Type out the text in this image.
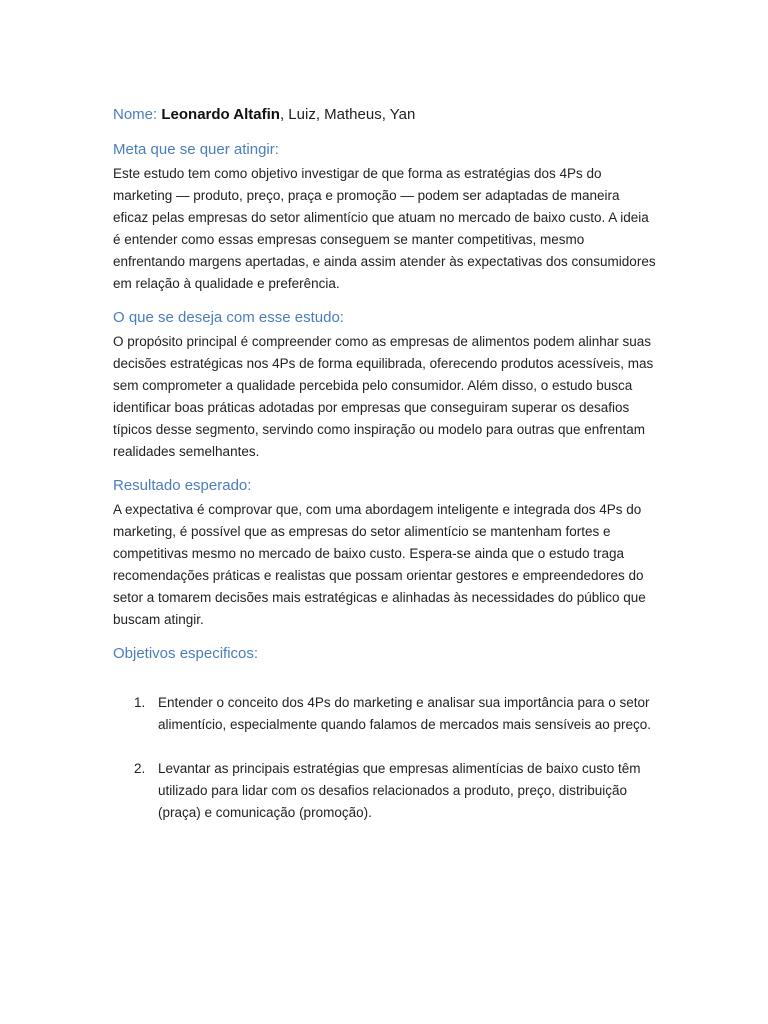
Nome: Leonardo Altafin, Luiz, Matheus, Yan

Meta que se quer atingir:

Este estudo tem como objetivo investigar de que forma as estratégias dos 4Ps do marketing — produto, preço, praça e promoção — podem ser adaptadas de maneira eficaz pelas empresas do setor alimentício que atuam no mercado de baixo custo. A ideia é entender como essas empresas conseguem se manter competitivas, mesmo enfrentando margens apertadas, e ainda assim atender às expectativas dos consumidores em relação à qualidade e preferência.

O que se deseja com esse estudo:

O propósito principal é compreender como as empresas de alimentos podem alinhar suas decisões estratégicas nos 4Ps de forma equilibrada, oferecendo produtos acessíveis, mas sem comprometer a qualidade percebida pelo consumidor. Além disso, o estudo busca identificar boas práticas adotadas por empresas que conseguiram superar os desafios típicos desse segmento, servindo como inspiração ou modelo para outras que enfrentam realidades semelhantes.

Resultado esperado:

A expectativa é comprovar que, com uma abordagem inteligente e integrada dos 4Ps do marketing, é possível que as empresas do setor alimentício se mantenham fortes e competitivas mesmo no mercado de baixo custo. Espera-se ainda que o estudo traga recomendações práticas e realistas que possam orientar gestores e empreendedores do setor a tomarem decisões mais estratégicas e alinhadas às necessidades do público que buscam atingir.

Objetivos especificos:
1. Entender o conceito dos 4Ps do marketing e analisar sua importância para o setor alimentício, especialmente quando falamos de mercados mais sensíveis ao preço.
2. Levantar as principais estratégias que empresas alimentícias de baixo custo têm utilizado para lidar com os desafios relacionados a produto, preço, distribuição (praça) e comunicação (promoção).
